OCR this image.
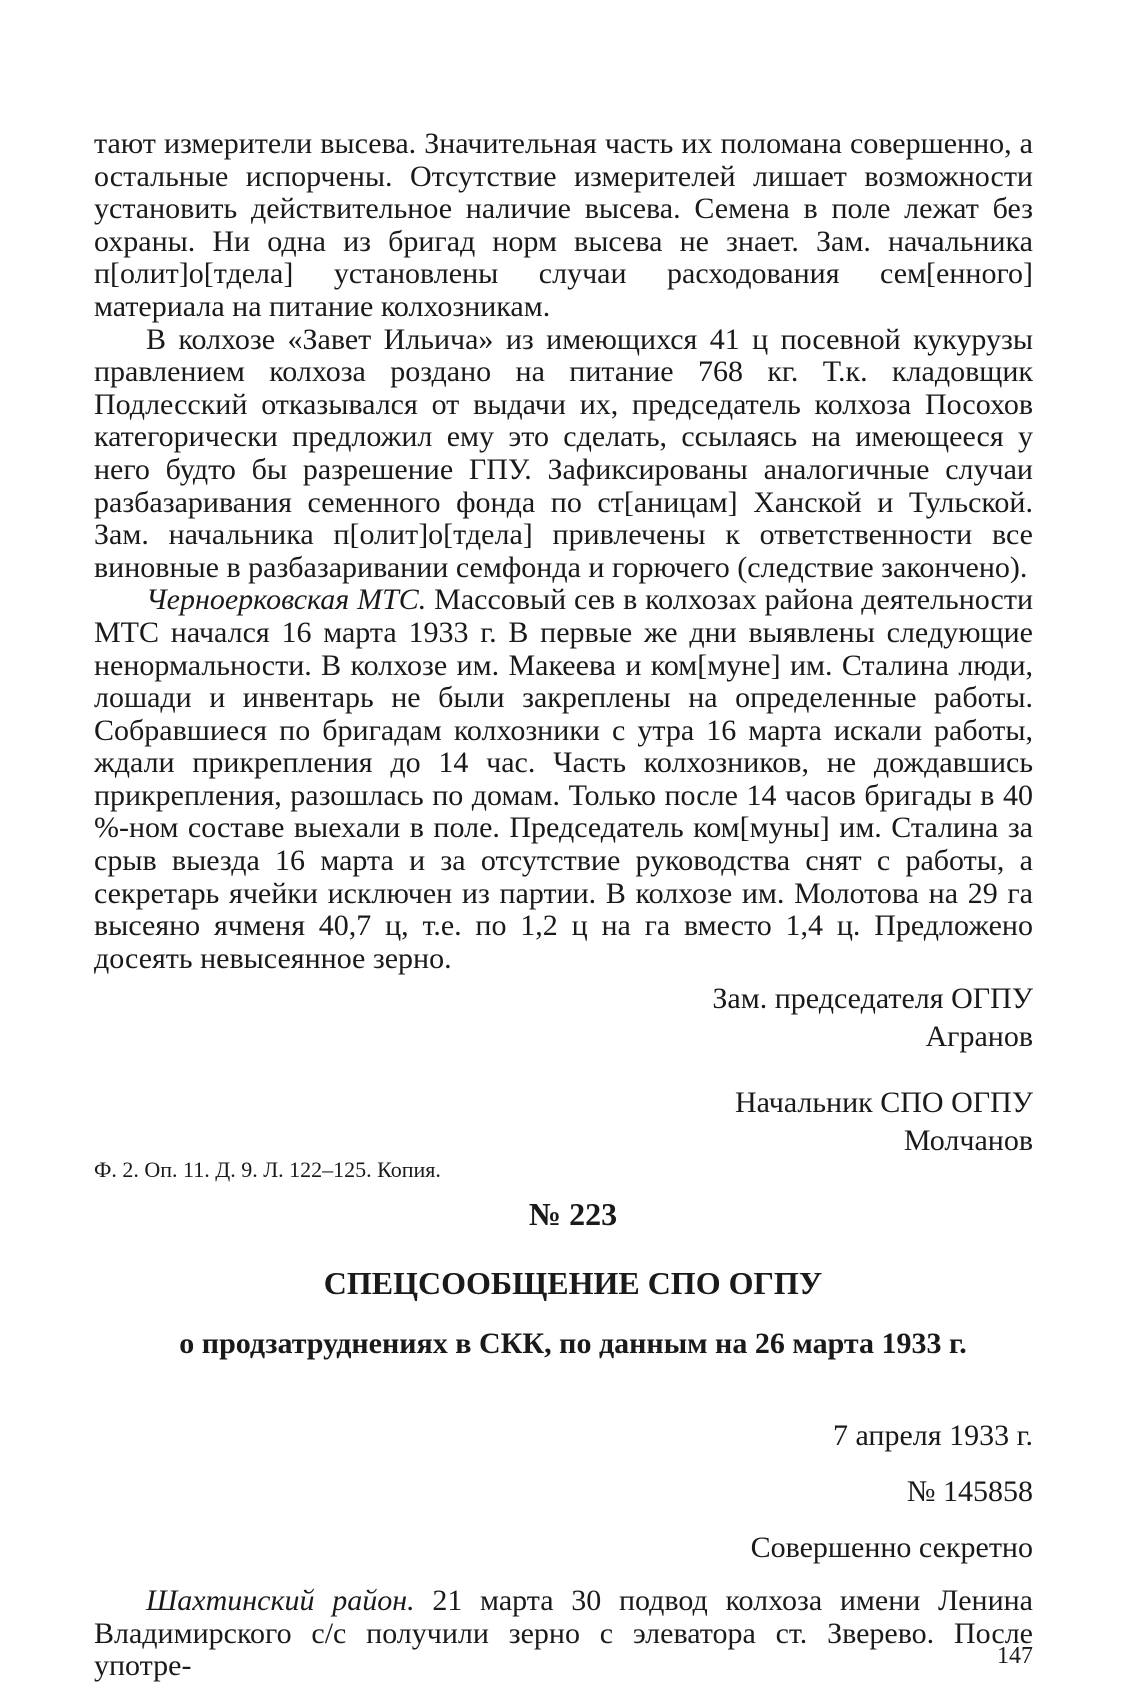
тают измерители высева. Значительная часть их поломана совершенно, а остальные испорчены. Отсутствие измерителей лишает возможности установить действительное наличие высева. Семена в поле лежат без охраны. Ни одна из бригад норм высева не знает. Зам. начальника п[олит]о[тдела] установлены случаи расходования сем[енного] материала на питание колхозникам.

В колхозе «Завет Ильича» из имеющихся 41 ц посевной кукурузы правлением колхоза роздано на питание 768 кг. Т.к. кладовщик Подлесский отказывался от выдачи их, председатель колхоза Посохов категорически предложил ему это сделать, ссылаясь на имеющееся у него будто бы разрешение ГПУ. Зафиксированы аналогичные случаи разбазаривания семенного фонда по ст[аницам] Ханской и Тульской. Зам. начальника п[олит]о[тдела] привлечены к ответственности все виновные в разбазаривании семфонда и горючего (следствие закончено).

Черноерковская МТС. Массовый сев в колхозах района деятельности МТС начался 16 марта 1933 г. В первые же дни выявлены следующие ненормальности. В колхозе им. Макеева и ком[муне] им. Сталина люди, лошади и инвентарь не были закреплены на определенные работы. Собравшиеся по бригадам колхозники с утра 16 марта искали работы, ждали прикрепления до 14 час. Часть колхозников, не дождавшись прикрепления, разошлась по домам. Только после 14 часов бригады в 40 %-ном составе выехали в поле. Председатель ком[муны] им. Сталина за срыв выезда 16 марта и за отсутствие руководства снят с работы, а секретарь ячейки исключен из партии. В колхозе им. Молотова на 29 га высеяно ячменя 40,7 ц, т.е. по 1,2 ц на га вместо 1,4 ц. Предложено досеять невысеянное зерно.

Зам. председателя ОГПУ
Агранов
Начальник СПО ОГПУ
Молчанов
Ф. 2. Оп. 11. Д. 9. Л. 122–125. Копия.
№ 223
СПЕЦСООБЩЕНИЕ СПО ОГПУ
о продзатруднениях в СКК, по данным на 26 марта 1933 г.
7 апреля 1933 г.
№ 145858
Совершенно секретно

Шахтинский район. 21 марта 30 подвод колхоза имени Ленина Владимирского с/с получили зерно с элеватора ст. Зверево. После употре-	147
